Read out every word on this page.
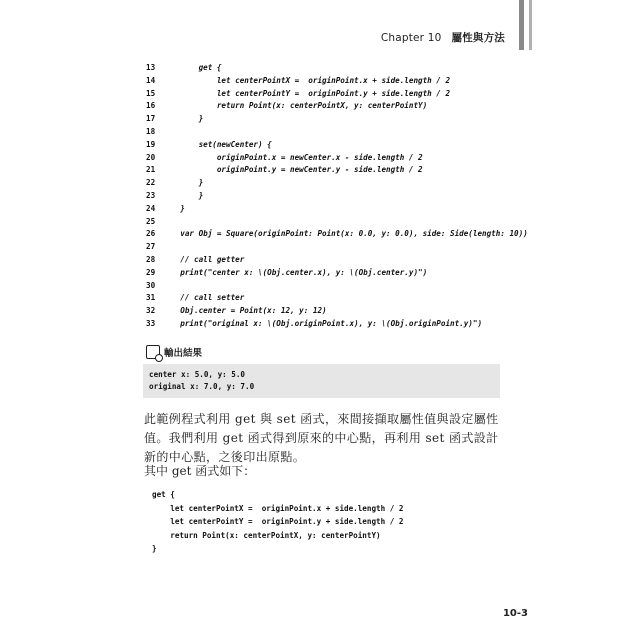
Chapter 10 屬性與方法
13        get {
14            let centerPointX =  originPoint.x + side.length / 2
15            let centerPointY =  originPoint.y + side.length / 2
16            return Point(x: centerPointX, y: centerPointY)
17        }
18
19        set(newCenter) {
20            originPoint.x = newCenter.x - side.length / 2
21            originPoint.y = newCenter.y - side.length / 2
22        }
23        }
24    }
25
26    var Obj = Square(originPoint: Point(x: 0.0, y: 0.0), side: Side(length: 10))
27
28    // call getter
29    print("center x: \(Obj.center.x), y: \(Obj.center.y)")
30
31    // call setter
32    Obj.center = Point(x: 12, y: 12)
33    print("original x: \(Obj.originPoint.x), y: \(Obj.originPoint.y)")
輸出結果
center x: 5.0, y: 5.0
original x: 7.0, y: 7.0
此範例程式利用 get 與 set 函式，來間接擷取屬性值與設定屬性值。我們利用 get 函式得到原來的中心點，再利用 set 函式設計新的中心點，之後印出原點。
其中 get 函式如下：
get {
let centerPointX =  originPoint.x + side.length / 2
let centerPointY =  originPoint.y + side.length / 2
return Point(x: centerPointX, y: centerPointY)
}
10-3
